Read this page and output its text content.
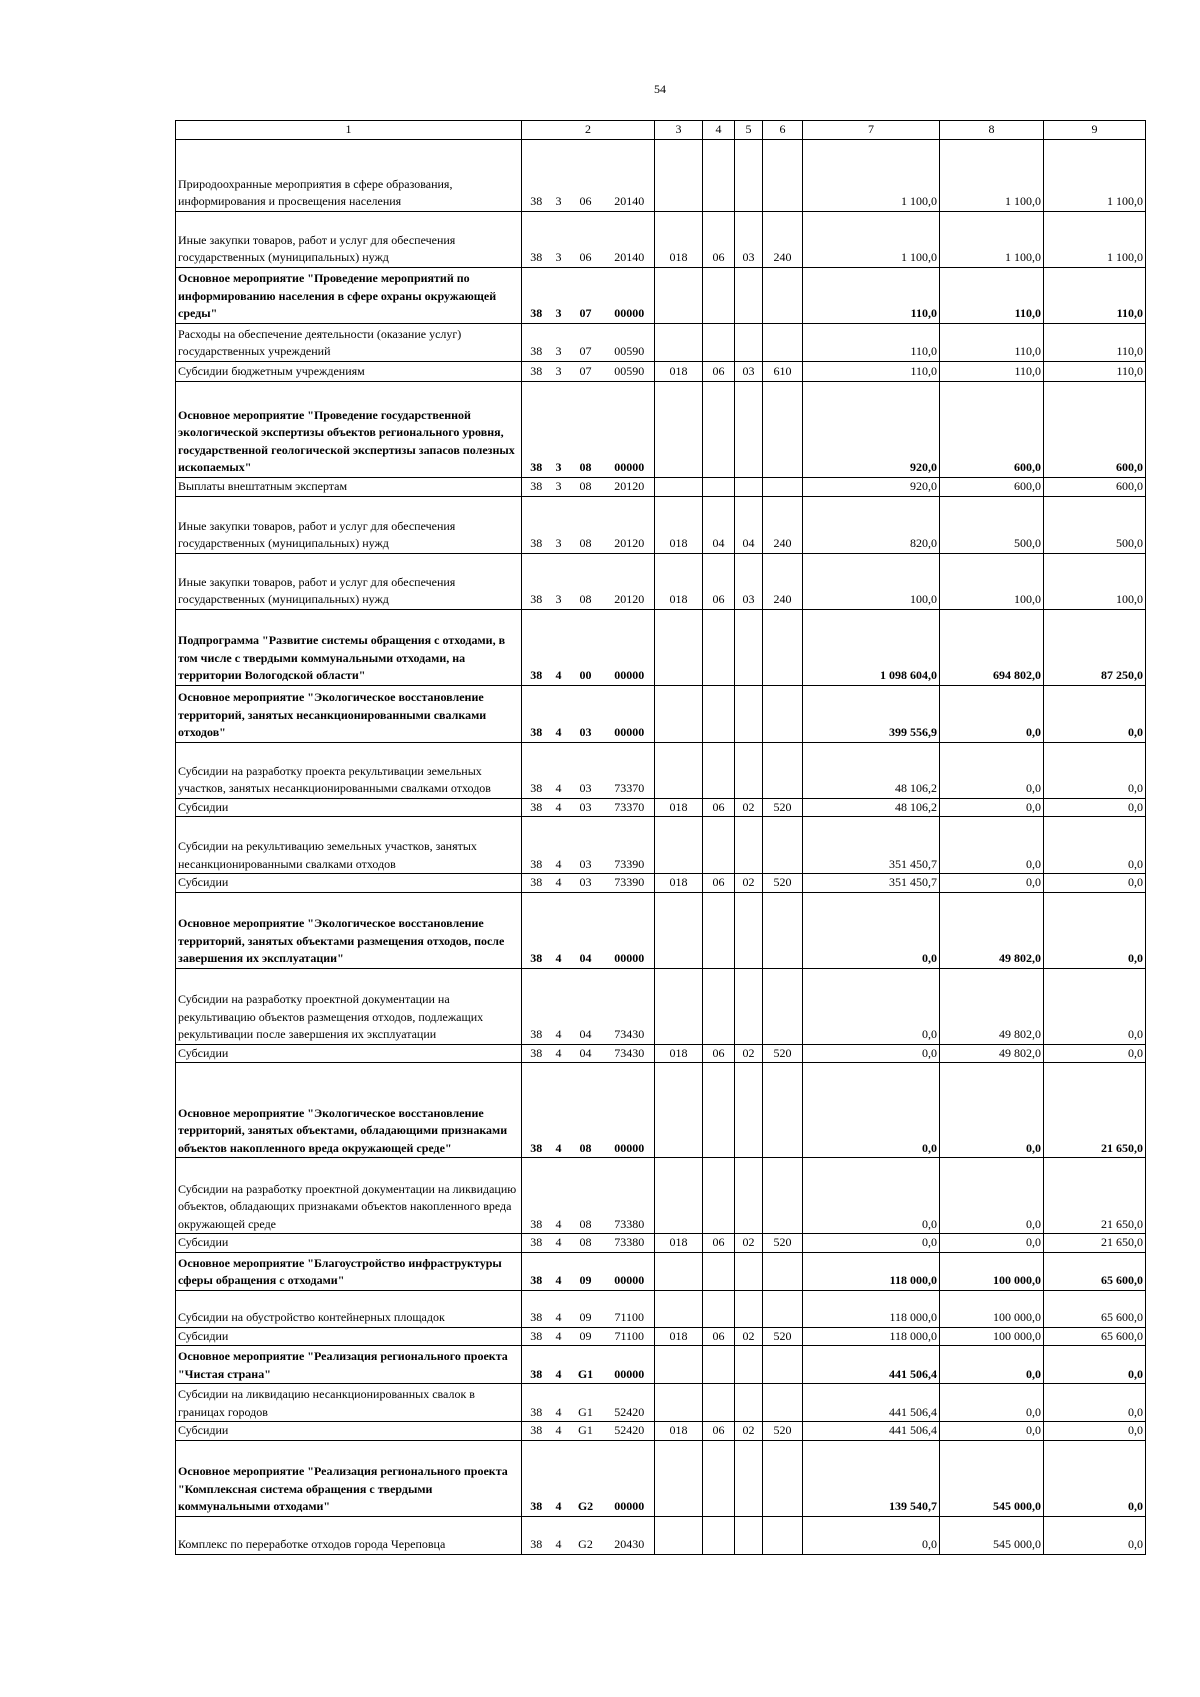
54
1	2				3	4	5	6	7	8	9
Природоохранные мероприятия в сфере образования, информирования и просвещения населения	38	3	06	20140					1 100,0	1 100,0	1 100,0
Иные закупки товаров, работ и услуг для обеспечения государственных (муниципальных) нужд	38	3	06	20140	018	06	03	240	1 100,0	1 100,0	1 100,0
Основное мероприятие "Проведение мероприятий по информированию населения в сфере охраны окружающей среды"	38	3	07	00000					110,0	110,0	110,0
Расходы на обеспечение деятельности (оказание услуг) государственных учреждений	38	3	07	00590					110,0	110,0	110,0
Субсидии бюджетным учреждениям	38	3	07	00590	018	06	03	610	110,0	110,0	110,0
Основное мероприятие "Проведение государственной экологической экспертизы объектов регионального уровня, государственной геологической экспертизы запасов полезных ископаемых"	38	3	08	00000					920,0	600,0	600,0
Выплаты внештатным экспертам	38	3	08	20120					920,0	600,0	600,0
Иные закупки товаров, работ и услуг для обеспечения государственных (муниципальных) нужд	38	3	08	20120	018	04	04	240	820,0	500,0	500,0
Иные закупки товаров, работ и услуг для обеспечения государственных (муниципальных) нужд	38	3	08	20120	018	06	03	240	100,0	100,0	100,0
Подпрограмма "Развитие системы обращения с отходами, в том числе с твердыми коммунальными отходами, на территории Вологодской области"	38	4	00	00000					1 098 604,0	694 802,0	87 250,0
Основное мероприятие "Экологическое восстановление территорий, занятых несанкционированными свалками отходов"	38	4	03	00000					399 556,9	0,0	0,0
Субсидии на разработку проекта рекультивации земельных участков, занятых несанкционированными свалками отходов	38	4	03	73370					48 106,2	0,0	0,0
Субсидии	38	4	03	73370	018	06	02	520	48 106,2	0,0	0,0
Субсидии на рекультивацию земельных участков, занятых несанкционированными свалками отходов	38	4	03	73390					351 450,7	0,0	0,0
Субсидии	38	4	03	73390	018	06	02	520	351 450,7	0,0	0,0
Основное мероприятие "Экологическое восстановление территорий, занятых объектами размещения отходов, после завершения их эксплуатации"	38	4	04	00000					0,0	49 802,0	0,0
Субсидии на разработку проектной документации на рекультивацию объектов размещения отходов, подлежащих рекультивации после завершения их эксплуатации	38	4	04	73430					0,0	49 802,0	0,0
Субсидии	38	4	04	73430	018	06	02	520	0,0	49 802,0	0,0
Основное мероприятие "Экологическое восстановление территорий, занятых объектами, обладающими признаками объектов накопленного вреда окружающей среде"	38	4	08	00000					0,0	0,0	21 650,0
Субсидии на разработку проектной документации на ликвидацию объектов, обладающих признаками объектов накопленного вреда окружающей среде	38	4	08	73380					0,0	0,0	21 650,0
Субсидии	38	4	08	73380	018	06	02	520	0,0	0,0	21 650,0
Основное мероприятие "Благоустройство инфраструктуры сферы обращения с отходами"	38	4	09	00000					118 000,0	100 000,0	65 600,0
Субсидии на обустройство контейнерных площадок	38	4	09	71100					118 000,0	100 000,0	65 600,0
Субсидии	38	4	09	71100	018	06	02	520	118 000,0	100 000,0	65 600,0
Основное мероприятие "Реализация регионального проекта "Чистая страна"	38	4	G1	00000					441 506,4	0,0	0,0
Субсидии на ликвидацию несанкционированных свалок в границах городов	38	4	G1	52420					441 506,4	0,0	0,0
Субсидии	38	4	G1	52420	018	06	02	520	441 506,4	0,0	0,0
Основное мероприятие "Реализация регионального проекта "Комплексная система обращения с твердыми коммунальными отходами"	38	4	G2	00000					139 540,7	545 000,0	0,0
Комплекс по переработке отходов города Череповца	38	4	G2	20430					0,0	545 000,0	0,0
